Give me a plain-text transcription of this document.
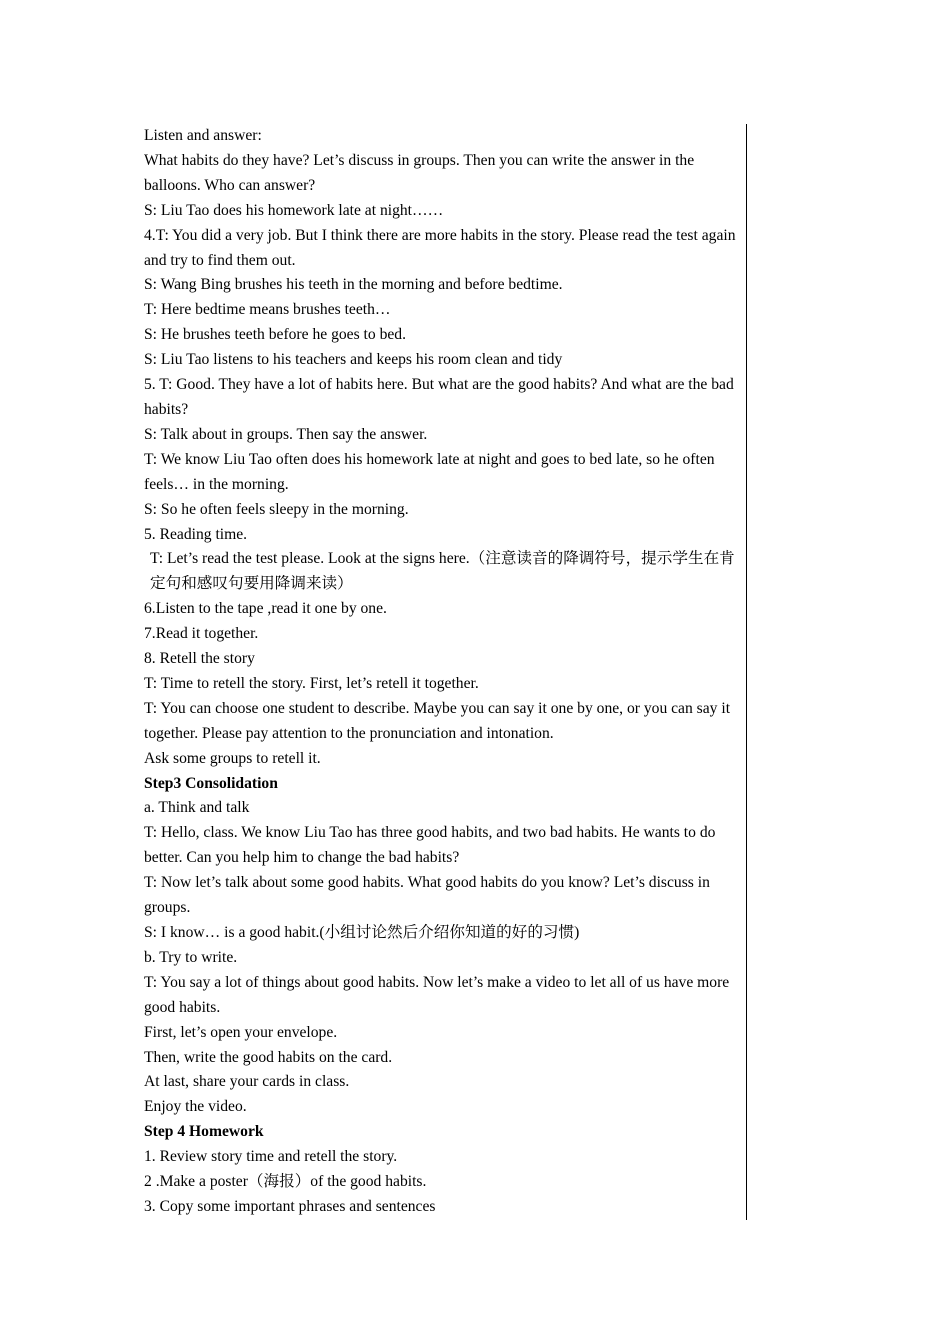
Listen and answer:

What habits do they have? Let’s discuss in groups. Then you can write the answer in the balloons. Who can answer?

S: Liu Tao does his homework late at night……

4.T: You did a very job. But I think there are more habits in the story. Please read the test again and try to find them out.

S: Wang Bing brushes his teeth in the morning and before bedtime.

T: Here bedtime means brushes teeth…

S: He brushes teeth before he goes to bed.

S: Liu Tao listens to his teachers and keeps his room clean and tidy

5. T: Good. They have a lot of habits here. But what are the good habits? And what are the bad habits?

S: Talk about in groups. Then say the answer.

T: We know Liu Tao often does his homework late at night and goes to bed late, so he often feels… in the morning.

S: So he often feels sleepy in the morning.

5. Reading time.

T: Let’s read the test please. Look at the signs here.（注意读音的降调符号，提示学生在肯定句和感叹句要用降调来读）

6.Listen to the tape ,read it one by one.

7.Read it together.

8. Retell the story

T: Time to retell the story. First, let’s retell it together.

T: You can choose one student to describe. Maybe you can say it one by one, or you can say it together. Please pay attention to the pronunciation and intonation.

Ask some groups to retell it.

Step3 Consolidation

a. Think and talk

T: Hello, class. We know Liu Tao has three good habits, and two bad habits. He wants to do better. Can you help him to change the bad habits?

T: Now let’s talk about some good habits. What good habits do you know? Let’s discuss in groups.

S: I know… is a good habit.(小组讨论然后介绍你知道的好的习惯)

b. Try to write.

T: You say a lot of things about good habits. Now let’s make a video to let all of us have more good habits.

First, let’s open your envelope.

Then, write the good habits on the card.

At last, share your cards in class.

Enjoy the video.

Step 4 Homework

1. Review story time and retell the story.

2 .Make a poster（海报）of the good habits.

3. Copy some important phrases and sentences
